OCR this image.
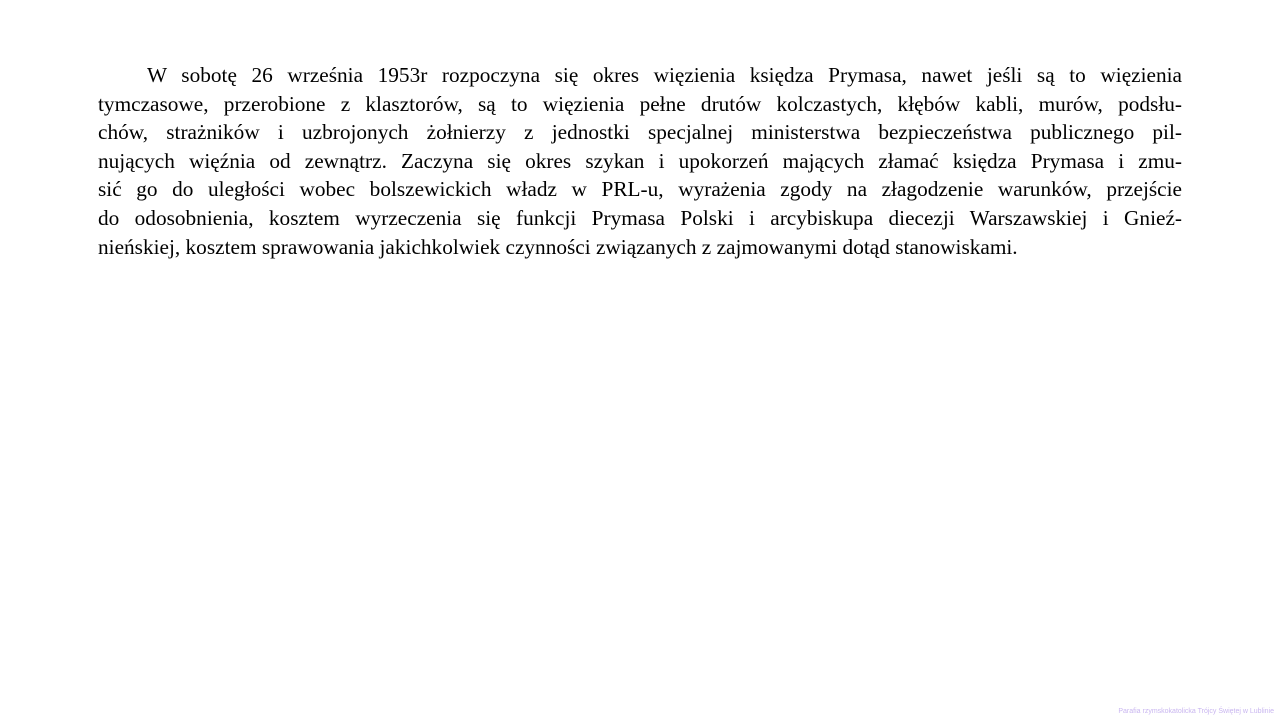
W sobotę 26 września 1953r rozpoczyna się okres więzienia księdza Prymasa, nawet jeśli są to więzienia
tymczasowe, przerobione z klasztorów, są to więzienia pełne drutów kolczastych, kłębów kabli, murów, podsłu-
chów, strażników i uzbrojonych żołnierzy z jednostki specjalnej ministerstwa bezpieczeństwa publicznego pil-
nujących więźnia od zewnątrz. Zaczyna się okres szykan i upokorzeń mających złamać księdza Prymasa i zmu-
sić go do uległości wobec bolszewickich władz w PRL-u, wyrażenia zgody na złagodzenie warunków, przejście
do odosobnienia, kosztem wyrzeczenia się funkcji Prymasa Polski i arcybiskupa diecezji Warszawskiej i Gnieź-
nieńskiej, kosztem sprawowania jakichkolwiek czynności związanych z zajmowanymi dotąd stanowiskami.

Parafia rzymskokatolicka Trójcy Świętej w Lublinie
